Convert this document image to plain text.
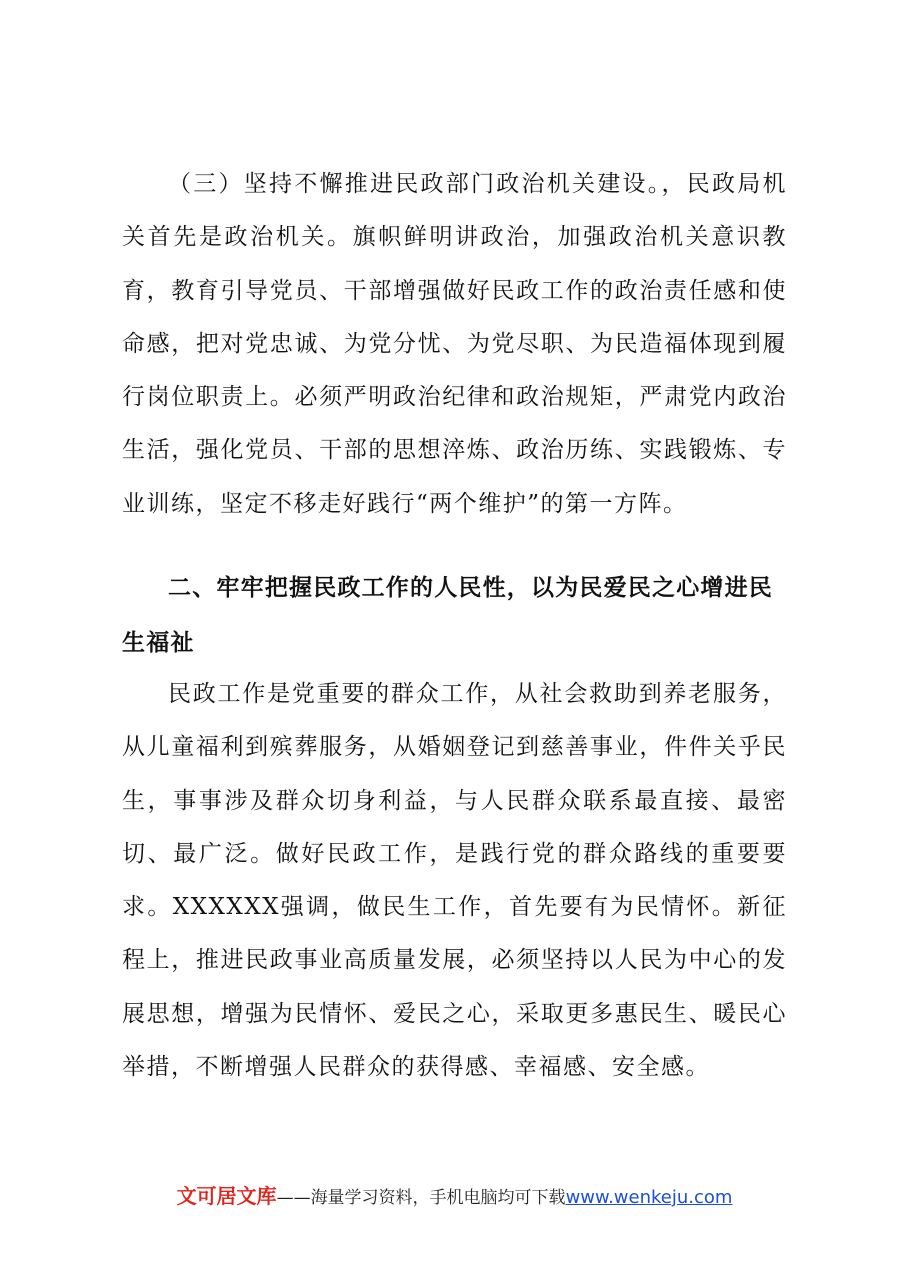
（三）坚持不懈推进民政部门政治机关建设。，民政局机关首先是政治机关。旗帜鲜明讲政治，加强政治机关意识教育，教育引导党员、干部增强做好民政工作的政治责任感和使命感，把对党忠诚、为党分忧、为党尽职、为民造福体现到履行岗位职责上。必须严明政治纪律和政治规矩，严肃党内政治生活，强化党员、干部的思想淬炼、政治历练、实践锻炼、专业训练，坚定不移走好践行“两个维护”的第一方阵。

二、牢牢把握民政工作的人民性，以为民爱民之心增进民生福祉

民政工作是党重要的群众工作，从社会救助到养老服务，从儿童福利到殡葬服务，从婚姻登记到慈善事业，件件关乎民生，事事涉及群众切身利益，与人民群众联系最直接、最密切、最广泛。做好民政工作，是践行党的群众路线的重要要求。XXXXXX强调，做民生工作，首先要有为民情怀。新征程上，推进民政事业高质量发展，必须坚持以人民为中心的发展思想，增强为民情怀、爱民之心，采取更多惠民生、暖民心举措，不断增强人民群众的获得感、幸福感、安全感。

文可居文库——海量学习资料，手机电脑均可下载www.wenkeju.com
